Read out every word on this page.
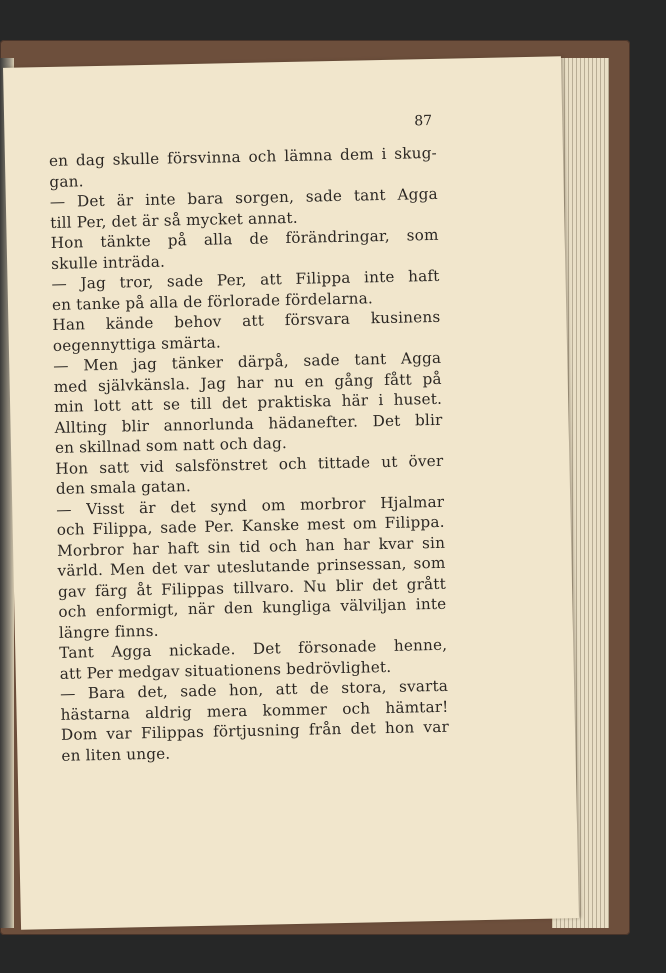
87

en dag skulle försvinna och lämna dem i skug-
gan.
— Det är inte bara sorgen, sade tant Agga
till Per, det är så mycket annat.
Hon tänkte på alla de förändringar, som
skulle inträda.
— Jag tror, sade Per, att Filippa inte haft
en tanke på alla de förlorade fördelarna.
Han kände behov att försvara kusinens
oegennyttiga smärta.
— Men jag tänker därpå, sade tant Agga
med självkänsla. Jag har nu en gång fått på
min lott att se till det praktiska här i huset.
Allting blir annorlunda hädanefter. Det blir
en skillnad som natt och dag.
Hon satt vid salsfönstret och tittade ut över
den smala gatan.
— Visst är det synd om morbror Hjalmar
och Filippa, sade Per. Kanske mest om Filippa.
Morbror har haft sin tid och han har kvar sin
värld. Men det var uteslutande prinsessan, som
gav färg åt Filippas tillvaro. Nu blir det grått
och enformigt, när den kungliga välviljan inte
längre finns.
Tant Agga nickade. Det försonade henne,
att Per medgav situationens bedrövlighet.
— Bara det, sade hon, att de stora, svarta
hästarna aldrig mera kommer och hämtar!
Dom var Filippas förtjusning från det hon var
en liten unge.
